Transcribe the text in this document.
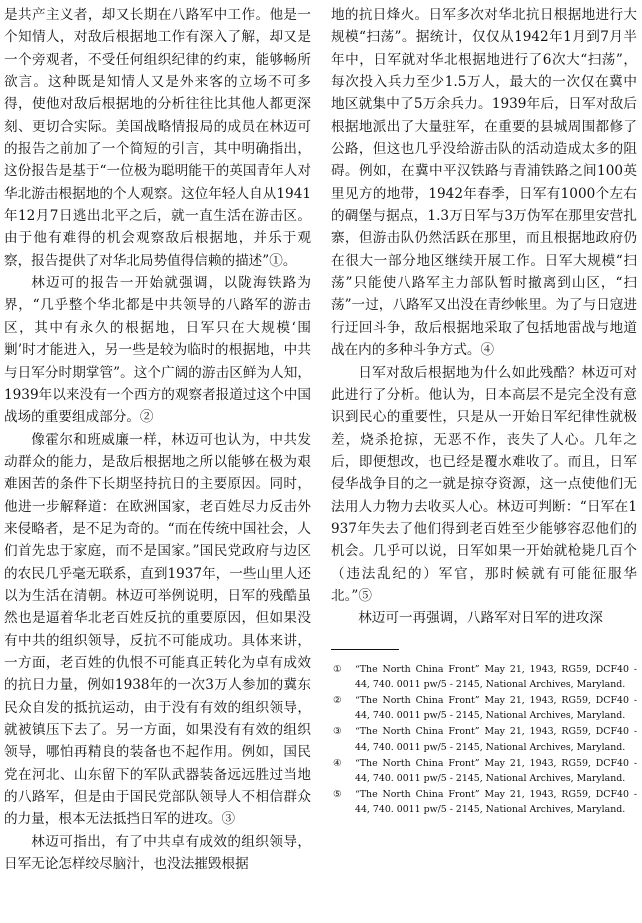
是共产主义者，却又长期在八路军中工作。他是一个知情人，对敌后根据地工作有深入了解，却又是一个旁观者，不受任何组织纪律的约束，能够畅所欲言。这种既是知情人又是外来客的立场不可多得，使他对敌后根据地的分析往往比其他人都更深刻、更切合实际。美国战略情报局的成员在林迈可的报告之前加了一个简短的引言，其中明确指出，这份报告是基于“一位极为聪明能干的英国青年人对华北游击根据地的个人观察。这位年轻人自从1941年12月7日逃出北平之后，就一直生活在游击区。由于他有难得的机会观察敌后根据地，并乐于观察，报告提供了对华北局势值得信赖的描述”①。

林迈可的报告一开始就强调，以陇海铁路为界，“几乎整个华北都是中共领导的八路军的游击区，其中有永久的根据地，日军只在大规模‘围剿’时才能进入，另一些是较为临时的根据地，中共与日军分时期掌管”。这个广阔的游击区鲜为人知，1939年以来没有一个西方的观察者报道过这个中国战场的重要组成部分。②

像霍尔和班威廉一样，林迈可也认为，中共发动群众的能力，是敌后根据地之所以能够在极为艰难困苦的条件下长期坚持抗日的主要原因。同时，他进一步解释道：在欧洲国家，老百姓尽力反击外来侵略者，是不足为奇的。“而在传统中国社会，人们首先忠于家庭，而不是国家。”国民党政府与边区的农民几乎毫无联系，直到1937年，一些山里人还以为生活在清朝。林迈可举例说明，日军的残酷虽然也是逼着华北老百姓反抗的重要原因，但如果没有中共的组织领导，反抗不可能成功。具体来讲，一方面，老百姓的仇恨不可能真正转化为卓有成效的抗日力量，例如1938年的一次3万人参加的冀东民众自发的抵抗运动，由于没有有效的组织领导，就被镇压下去了。另一方面，如果没有有效的组织领导，哪怕再精良的装备也不起作用。例如，国民党在河北、山东留下的军队武器装备远远胜过当地的八路军，但是由于国民党部队领导人不相信群众的力量，根本无法抵挡日军的进攻。③

林迈可指出，有了中共卓有成效的组织领导，日军无论怎样绞尽脑汁，也没法摧毁根据

地的抗日烽火。日军多次对华北抗日根据地进行大规模“扫荡”。据统计，仅仅从1942年1月到7月半年中，日军就对华北根据地进行了6次大“扫荡”，每次投入兵力至少1.5万人，最大的一次仅在冀中地区就集中了5万余兵力。1939年后，日军对敌后根据地派出了大量驻军，在重要的县城周围都修了公路，但这也几乎没给游击队的活动造成太多的阻碍。例如，在冀中平汉铁路与青浦铁路之间100英里见方的地带，1942年春季，日军有1000个左右的碉堡与据点，1.3万日军与3万伪军在那里安营扎寨，但游击队仍然活跃在那里，而且根据地政府仍在很大一部分地区继续开展工作。日军大规模“扫荡”只能使八路军主力部队暂时撤离到山区，“扫荡”一过，八路军又出没在青纱帐里。为了与日寇进行迂回斗争，敌后根据地采取了包括地雷战与地道战在内的多种斗争方式。④

日军对敌后根据地为什么如此残酷？林迈可对此进行了分析。他认为，日本高层不是完全没有意识到民心的重要性，只是从一开始日军纪律性就极差，烧杀抢掠，无恶不作，丧失了人心。几年之后，即便想改，也已经是覆水难收了。而且，日军侵华战争目的之一就是掠夺资源，这一点使他们无法用人力物力去收买人心。林迈可判断：“日军在1937年失去了他们得到老百姓至少能够容忍他们的机会。几乎可以说，日军如果一开始就枪毙几百个（违法乱纪的）军官，那时候就有可能征服华北。”⑤

林迈可一再强调，八路军对日军的进攻深

①	“The North China Front” May 21, 1943, RG59, DCF40 - 44, 740. 0011 pw/5 - 2145, National Archives, Maryland.
②	“The North China Front” May 21, 1943, RG59, DCF40 - 44, 740. 0011 pw/5 - 2145, National Archives, Maryland.
③	“The North China Front” May 21, 1943, RG59, DCF40 - 44, 740. 0011 pw/5 - 2145, National Archives, Maryland.
④	“The North China Front” May 21, 1943, RG59, DCF40 - 44, 740. 0011 pw/5 - 2145, National Archives, Maryland.
⑤	“The North China Front” May 21, 1943, RG59, DCF40 - 44, 740. 0011 pw/5 - 2145, National Archives, Maryland.
